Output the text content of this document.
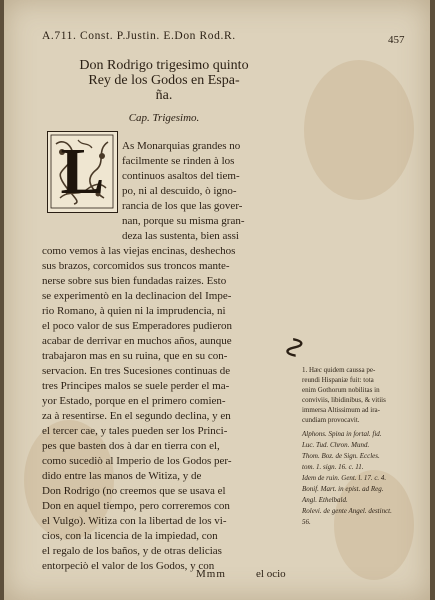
A.711. Const. P.Justin. E.Don Rod.R.	457
Don Rodrigo trigesimo quinto
Rey de los Godos en Espa-
ña.
Cap. Trigesimo.
L	As Monarquias grandes no
facilmente se rinden à los
continuos asaltos del tiem-
po, ni al descuido, ò igno-
rancia de los que las gover-
nan, porque su misma gran-
deza las sustenta, bien assi
como vemos à las viejas encinas, deshechos
sus brazos, corcomidos sus troncos mante-
nerse sobre sus bien fundadas raizes. Esto
se experimentò en la declinacion del Impe-
rio Romano, à quien ni la imprudencia, ni
el poco valor de sus Emperadores pudieron
acabar de derrivar en muchos años, aunque
trabajaron mas en su ruina, que en su con-
servacion. En tres Sucesiones continuas de
tres Principes malos se suele perder el ma-
yor Estado, porque en el primero comien-
za à resentirse. En el segundo declina, y en
el tercer cae, y tales pueden ser los Princi-
pes que basten dos à dar en tierra con el,
como sucediò al Imperio de los Godos per-
dido entre las manos de Witiza, y de
Don Rodrigo (no creemos que se usava el
Don en aquel tiempo, pero correremos con
el Vulgo). Witiza con la libertad de los vi-
cios, con la licencia de la impiedad, con
el regalo de los baños, y de otras delicias
entorpeciò el valor de los Godos, y con
∿
1. Hæc quidem caussa pe-
reundi Hispaniæ fuit: tota
enim Gothorum nobilitas in
conviviis, libidinibus, & vitiis
immersa Altissimum ad ira-
cundiam provocavit.
Alphons. Spina in fortal. fid.
Luc. Tud. Chron. Mund.
Thom. Boz. de Sign. Eccles.
tom. 1. sign. 16. c. 11.
Idem de ruin. Gent. l. 17. c. 4.
Bonif. Mart. in epist. ad Reg.
Angl. Ethelbald.
Rolevi. de gente Angel. destinct.
56.
Mmm	el ocio
